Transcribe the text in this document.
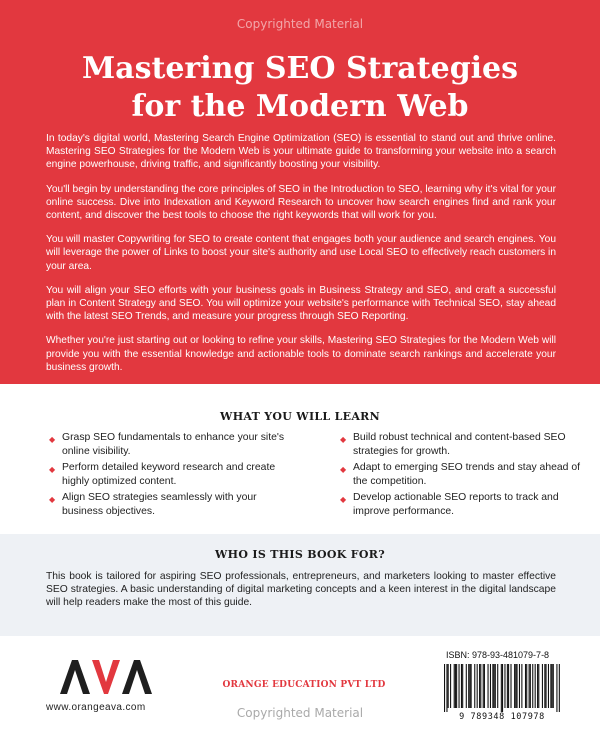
Copyrighted Material
Mastering SEO Strategies
for the Modern Web

In today's digital world, Mastering Search Engine Optimization (SEO) is essential to stand out and thrive online. Mastering SEO Strategies for the Modern Web is your ultimate guide to transforming your website into a search engine powerhouse, driving traffic, and significantly boosting your visibility.

You'll begin by understanding the core principles of SEO in the Introduction to SEO, learning why it's vital for your online success. Dive into Indexation and Keyword Research to uncover how search engines find and rank your content, and discover the best tools to choose the right keywords that will work for you.

You will master Copywriting for SEO to create content that engages both your audience and search engines. You will leverage the power of Links to boost your site's authority and use Local SEO to effectively reach customers in your area.

You will align your SEO efforts with your business goals in Business Strategy and SEO, and craft a successful plan in Content Strategy and SEO. You will optimize your website's performance with Technical SEO, stay ahead with the latest SEO Trends, and measure your progress through SEO Reporting.

Whether you're just starting out or looking to refine your skills, Mastering SEO Strategies for the Modern Web will provide you with the essential knowledge and actionable tools to dominate search rankings and accelerate your business growth.

WHAT YOU WILL LEARN
◆ Grasp SEO fundamentals to enhance your site's online visibility.
◆ Perform detailed keyword research and create highly optimized content.
◆ Align SEO strategies seamlessly with your business objectives.
◆ Build robust technical and content-based SEO strategies for growth.
◆ Adapt to emerging SEO trends and stay ahead of the competition.
◆ Develop actionable SEO reports to track and improve performance.
WHO IS THIS BOOK FOR?

This book is tailored for aspiring SEO professionals, entrepreneurs, and marketers looking to master effective SEO strategies. A basic understanding of digital marketing concepts and a keen interest in the digital landscape will help readers make the most of this guide.

www.orangeava.com
ORANGE EDUCATION PVT LTD
ISBN: 978-93-481079-7-8
9 789348 107978
Copyrighted Material
